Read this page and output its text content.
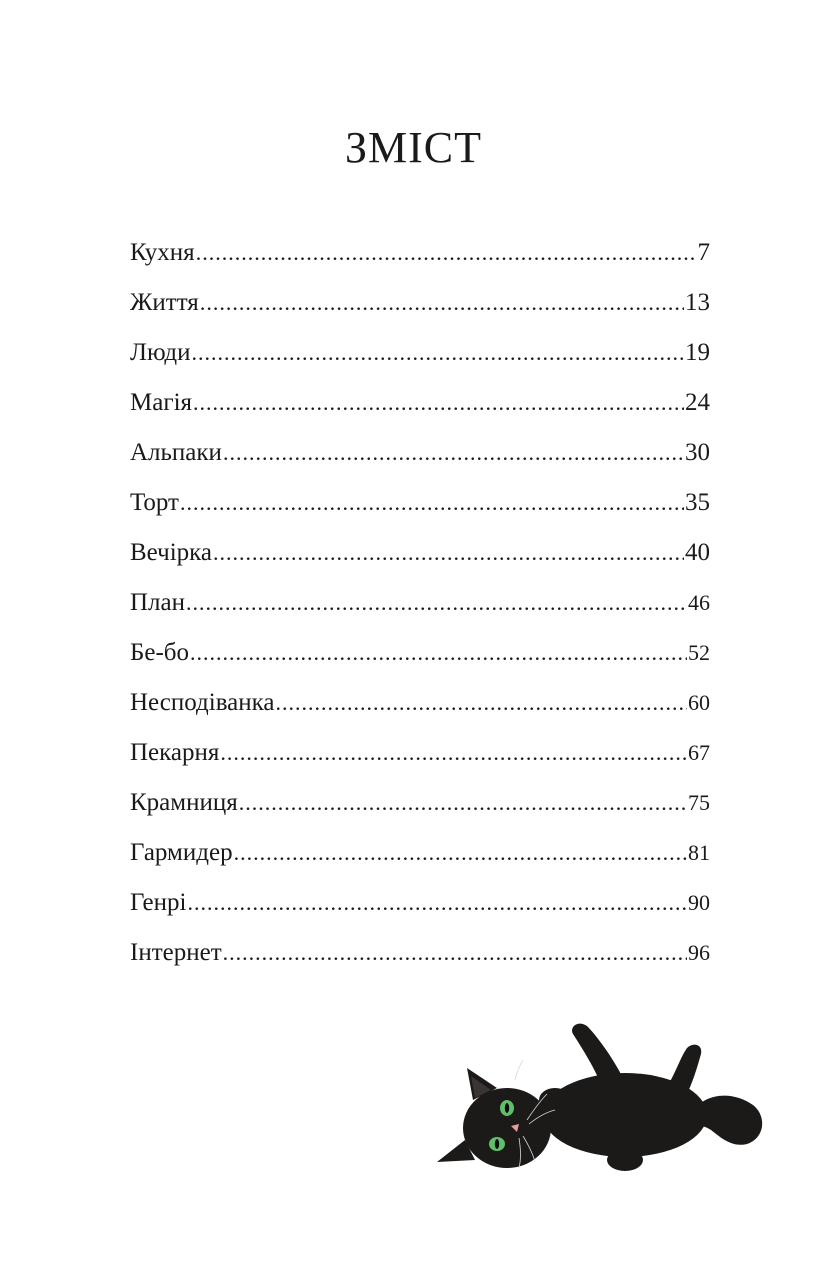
ЗМІСТ
Кухня .....	7
Життя .....	13
Люди .....	19
Магія .....	24
Альпаки .....	30
Торт .....	35
Вечірка .....	40
План .....	46
Бе-бо .....	52
Несподіванка .....	60
Пекарня .....	67
Крамниця .....	75
Гармидер .....	81
Генрі .....	90
Інтернет .....	96
